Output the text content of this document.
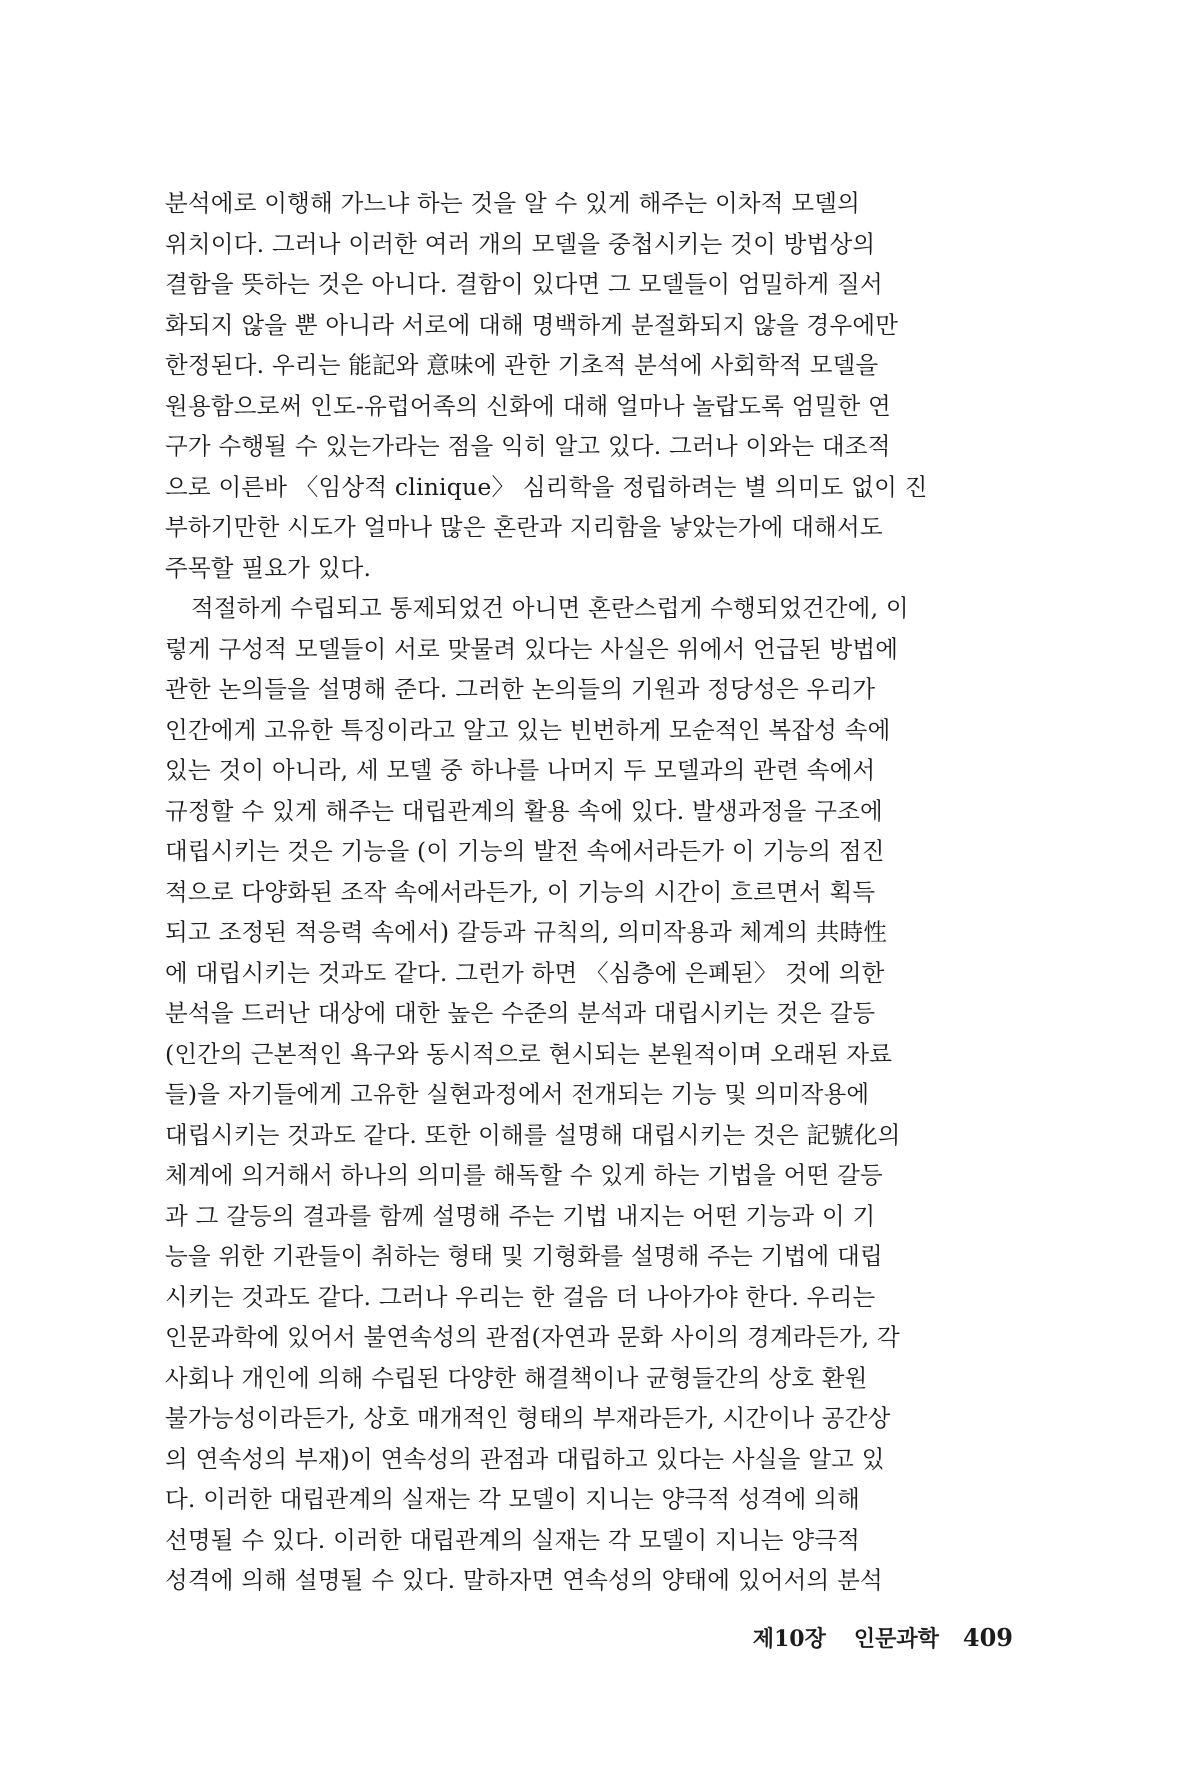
분석에로 이행해 가느냐 하는 것을 알 수 있게 해주는 이차적 모델의
위치이다. 그러나 이러한 여러 개의 모델을 중첩시키는 것이 방법상의
결함을 뜻하는 것은 아니다. 결함이 있다면 그 모델들이 엄밀하게 질서
화되지 않을 뿐 아니라 서로에 대해 명백하게 분절화되지 않을 경우에만
한정된다. 우리는 能記와 意味에 관한 기초적 분석에 사회학적 모델을
원용함으로써 인도-유럽어족의 신화에 대해 얼마나 놀랍도록 엄밀한 연
구가 수행될 수 있는가라는 점을 익히 알고 있다. 그러나 이와는 대조적
으로 이른바 〈임상적 clinique〉 심리학을 정립하려는 별 의미도 없이 진
부하기만한 시도가 얼마나 많은 혼란과 지리함을 낳았는가에 대해서도
주목할 필요가 있다.
적절하게 수립되고 통제되었건 아니면 혼란스럽게 수행되었건간에, 이
렇게 구성적 모델들이 서로 맞물려 있다는 사실은 위에서 언급된 방법에
관한 논의들을 설명해 준다. 그러한 논의들의 기원과 정당성은 우리가
인간에게 고유한 특징이라고 알고 있는 빈번하게 모순적인 복잡성 속에
있는 것이 아니라, 세 모델 중 하나를 나머지 두 모델과의 관련 속에서
규정할 수 있게 해주는 대립관계의 활용 속에 있다. 발생과정을 구조에
대립시키는 것은 기능을 (이 기능의 발전 속에서라든가 이 기능의 점진
적으로 다양화된 조작 속에서라든가, 이 기능의 시간이 흐르면서 획득
되고 조정된 적응력 속에서) 갈등과 규칙의, 의미작용과 체계의 共時性
에 대립시키는 것과도 같다. 그런가 하면 〈심층에 은폐된〉 것에 의한
분석을 드러난 대상에 대한 높은 수준의 분석과 대립시키는 것은 갈등
(인간의 근본적인 욕구와 동시적으로 현시되는 본원적이며 오래된 자료
들)을 자기들에게 고유한 실현과정에서 전개되는 기능 및 의미작용에
대립시키는 것과도 같다. 또한 이해를 설명해 대립시키는 것은 記號化의
체계에 의거해서 하나의 의미를 해독할 수 있게 하는 기법을 어떤 갈등
과 그 갈등의 결과를 함께 설명해 주는 기법 내지는 어떤 기능과 이 기
능을 위한 기관들이 취하는 형태 및 기형화를 설명해 주는 기법에 대립
시키는 것과도 같다. 그러나 우리는 한 걸음 더 나아가야 한다. 우리는
인문과학에 있어서 불연속성의 관점(자연과 문화 사이의 경계라든가, 각
사회나 개인에 의해 수립된 다양한 해결책이나 균형들간의 상호 환원
불가능성이라든가, 상호 매개적인 형태의 부재라든가, 시간이나 공간상
의 연속성의 부재)이 연속성의 관점과 대립하고 있다는 사실을 알고 있
다. 이러한 대립관계의 실재는 각 모델이 지니는 양극적 성격에 의해
선명될 수 있다. 이러한 대립관계의 실재는 각 모델이 지니는 양극적
성격에 의해 설명될 수 있다. 말하자면 연속성의 양태에 있어서의 분석
제10장 인문과학 409
